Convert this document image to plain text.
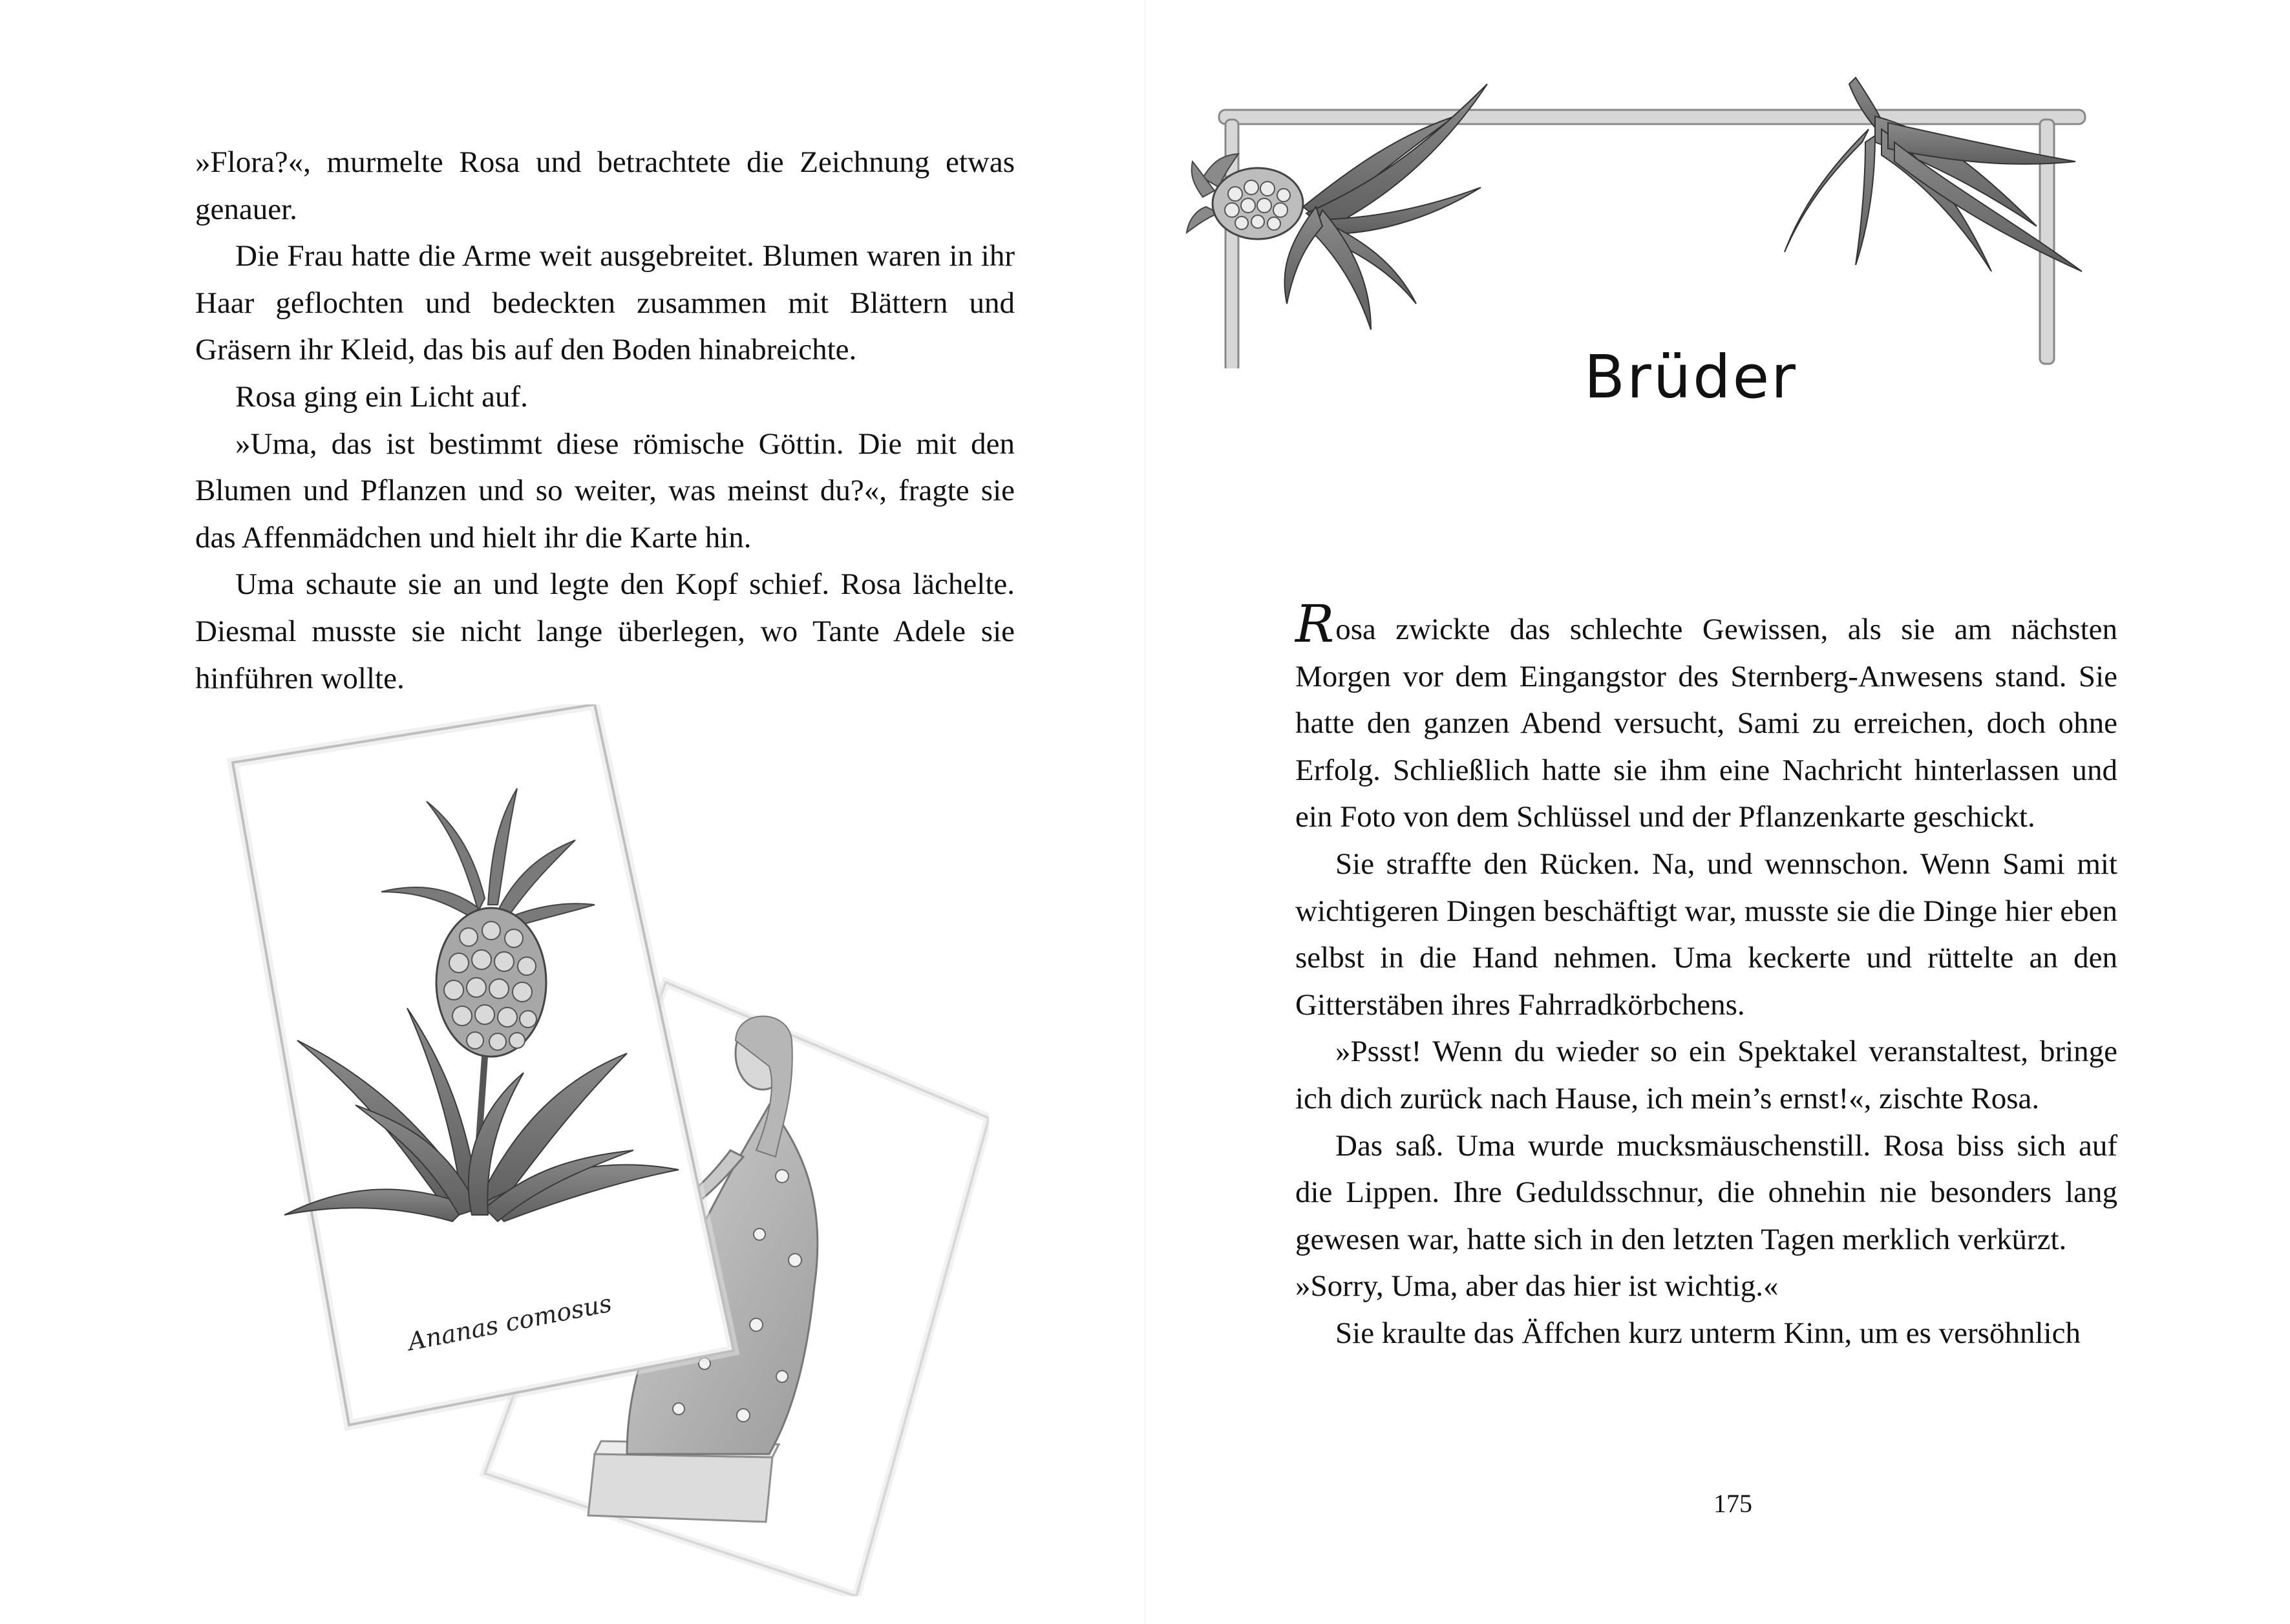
»Flora?«, murmelte Rosa und betrachtete die Zeichnung etwas genauer.

Die Frau hatte die Arme weit ausgebreitet. Blumen waren in ihr Haar geflochten und bedeckten zusammen mit Blättern und Gräsern ihr Kleid, das bis auf den Boden hinabreichte.

Rosa ging ein Licht auf.

»Uma, das ist bestimmt diese römische Göttin. Die mit den Blumen und Pflanzen und so weiter, was meinst du?«, fragte sie das Affenmädchen und hielt ihr die Karte hin.

Uma schaute sie an und legte den Kopf schief. Rosa lächelte. Diesmal musste sie nicht lange überlegen, wo Tante Adele sie hinführen wollte.

Ananas comosus
Brüder

Rosa zwickte das schlechte Gewissen, als sie am nächsten Morgen vor dem Eingangstor des Sternberg-Anwesens stand. Sie hatte den ganzen Abend versucht, Sami zu erreichen, doch ohne Erfolg. Schließlich hatte sie ihm eine Nachricht hinterlassen und ein Foto von dem Schlüssel und der Pflanzenkarte geschickt.

Sie straffte den Rücken. Na, und wennschon. Wenn Sami mit wichtigeren Dingen beschäftigt war, musste sie die Dinge hier eben selbst in die Hand nehmen. Uma keckerte und rüttelte an den Gitterstäben ihres Fahrradkörbchens.

»Pssst! Wenn du wieder so ein Spektakel veranstaltest, bringe ich dich zurück nach Hause, ich mein’s ernst!«, zischte Rosa.

Das saß. Uma wurde mucksmäuschenstill. Rosa biss sich auf die Lippen. Ihre Geduldsschnur, die ohnehin nie besonders lang gewesen war, hatte sich in den letzten Tagen merklich verkürzt.

»Sorry, Uma, aber das hier ist wichtig.«

Sie kraulte das Äffchen kurz unterm Kinn, um es versöhnlich

175
